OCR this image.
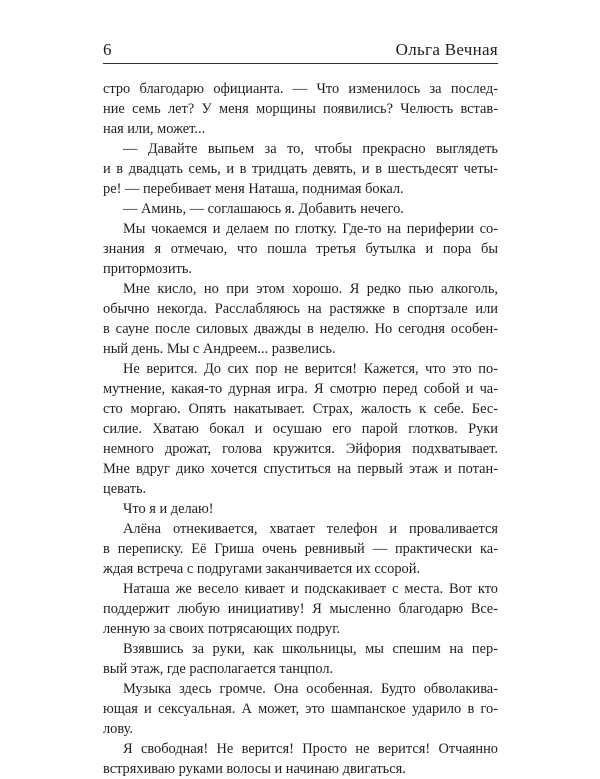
6	Ольга Вечная
стро благодарю официанта. — Что изменилось за послед-
ние семь лет? У меня морщины появились? Челюсть встав-
ная или, может...
— Давайте выпьем за то, чтобы прекрасно выглядеть
и в двадцать семь, и в тридцать девять, и в шестьдесят четы-
ре! — перебивает меня Наташа, поднимая бокал.
— Аминь, — соглашаюсь я. Добавить нечего.
Мы чокаемся и делаем по глотку. Где-то на периферии со-
знания я отмечаю, что пошла третья бутылка и пора бы
притормозить.
Мне кисло, но при этом хорошо. Я редко пью алкоголь,
обычно некогда. Расслабляюсь на растяжке в спортзале или
в сауне после силовых дважды в неделю. Но сегодня особен-
ный день. Мы с Андреем... развелись.
Не верится. До сих пор не верится! Кажется, что это по-
мутнение, какая-то дурная игра. Я смотрю перед собой и ча-
сто моргаю. Опять накатывает. Страх, жалость к себе. Бес-
силие. Хватаю бокал и осушаю его парой глотков. Руки
немного дрожат, голова кружится. Эйфория подхватывает.
Мне вдруг дико хочется спуститься на первый этаж и потан-
цевать.
Что я и делаю!
Алёна отнекивается, хватает телефон и проваливается
в переписку. Её Гриша очень ревнивый — практически ка-
ждая встреча с подругами заканчивается их ссорой.
Наташа же весело кивает и подскакивает с места. Вот кто
поддержит любую инициативу! Я мысленно благодарю Всe-
ленную за своих потрясающих подруг.
Взявшись за руки, как школьницы, мы спешим на пер-
вый этаж, где располагается танцпол.
Музыка здесь громче. Она особенная. Будто обволакива-
ющая и сексуальная. А может, это шампанское ударило в го-
лову.
Я свободная! Не верится! Просто не верится! Отчаянно
встряхиваю руками волосы и начинаю двигаться.
